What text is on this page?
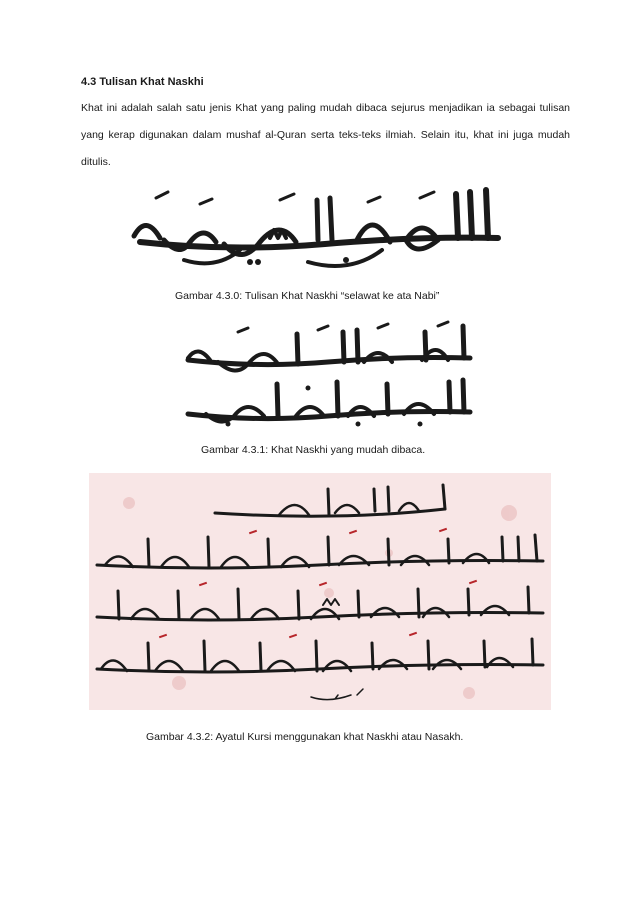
4.3 Tulisan Khat Naskhi

Khat ini adalah salah satu jenis Khat yang paling mudah dibaca sejurus menjadikan ia sebagai tulisan yang kerap digunakan dalam mushaf al-Quran serta teks-teks ilmiah. Selain itu, khat ini juga mudah ditulis.

Gambar 4.3.0: Tulisan Khat Naskhi “selawat ke ata Nabi”
Gambar 4.3.1: Khat Naskhi yang mudah dibaca.
Gambar 4.3.2: Ayatul Kursi menggunakan khat Naskhi atau Nasakh.
